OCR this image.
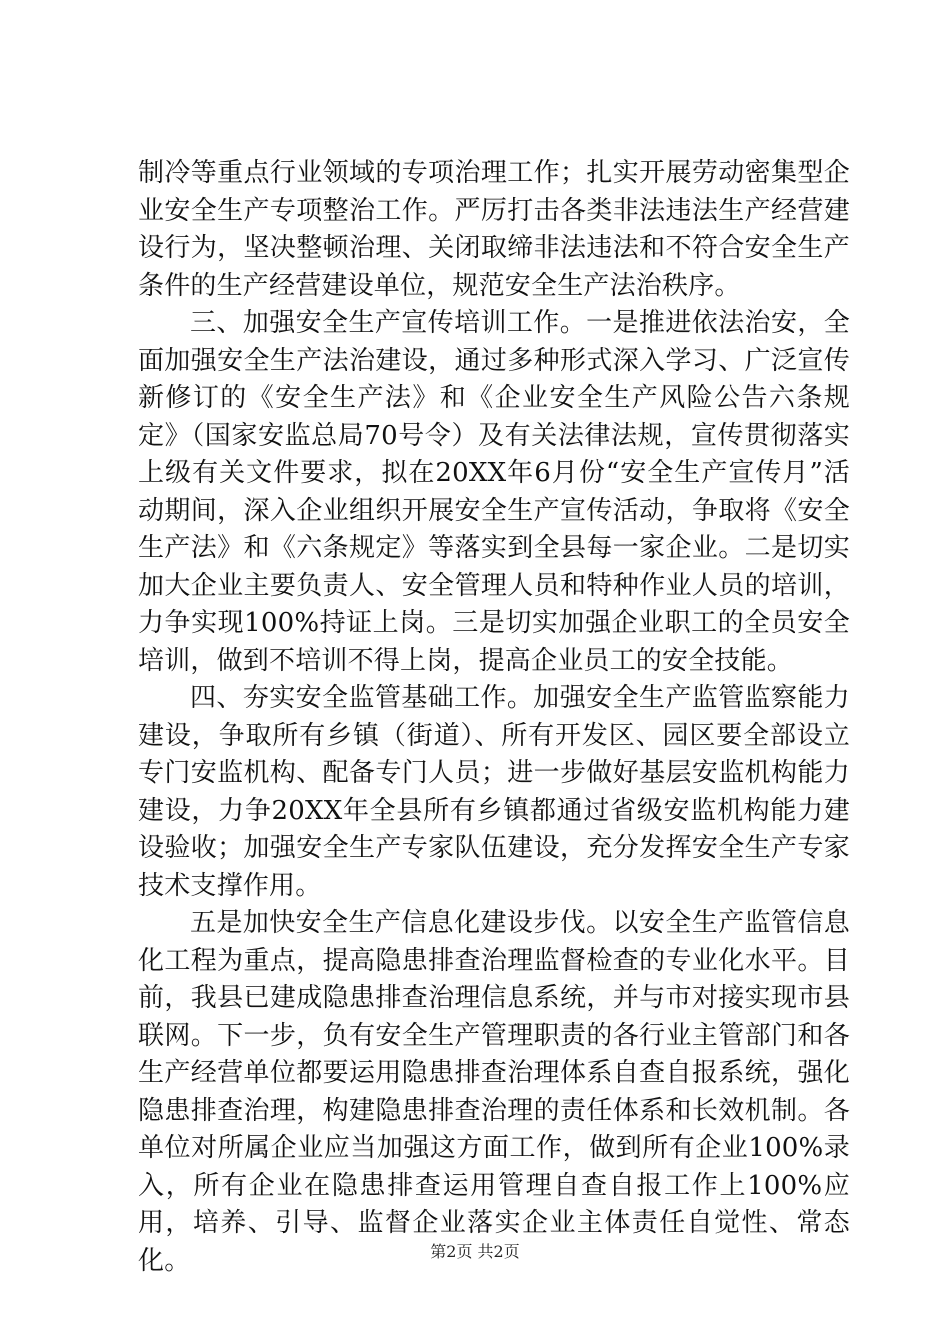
制冷等重点行业领域的专项治理工作；扎实开展劳动密集型企业安全生产专项整治工作。严厉打击各类非法违法生产经营建设行为，坚决整顿治理、关闭取缔非法违法和不符合安全生产条件的生产经营建设单位，规范安全生产法治秩序。

三、加强安全生产宣传培训工作。一是推进依法治安，全面加强安全生产法治建设，通过多种形式深入学习、广泛宣传新修订的《安全生产法》和《企业安全生产风险公告六条规定》（国家安监总局70号令）及有关法律法规，宣传贯彻落实上级有关文件要求，拟在20XX年6月份“安全生产宣传月”活动期间，深入企业组织开展安全生产宣传活动，争取将《安全生产法》和《六条规定》等落实到全县每一家企业。二是切实加大企业主要负责人、安全管理人员和特种作业人员的培训，力争实现100%持证上岗。三是切实加强企业职工的全员安全培训，做到不培训不得上岗，提高企业员工的安全技能。

四、夯实安全监管基础工作。加强安全生产监管监察能力建设，争取所有乡镇（街道）、所有开发区、园区要全部设立专门安监机构、配备专门人员；进一步做好基层安监机构能力建设，力争20XX年全县所有乡镇都通过省级安监机构能力建设验收；加强安全生产专家队伍建设，充分发挥安全生产专家技术支撑作用。

五是加快安全生产信息化建设步伐。以安全生产监管信息化工程为重点，提高隐患排查治理监督检查的专业化水平。目前，我县已建成隐患排查治理信息系统，并与市对接实现市县联网。下一步，负有安全生产管理职责的各行业主管部门和各生产经营单位都要运用隐患排查治理体系自查自报系统，强化隐患排查治理，构建隐患排查治理的责任体系和长效机制。各单位对所属企业应当加强这方面工作，做到所有企业100%录入，所有企业在隐患排查运用管理自查自报工作上100%应用，培养、引导、监督企业落实企业主体责任自觉性、常态化。	第2页 共2页
